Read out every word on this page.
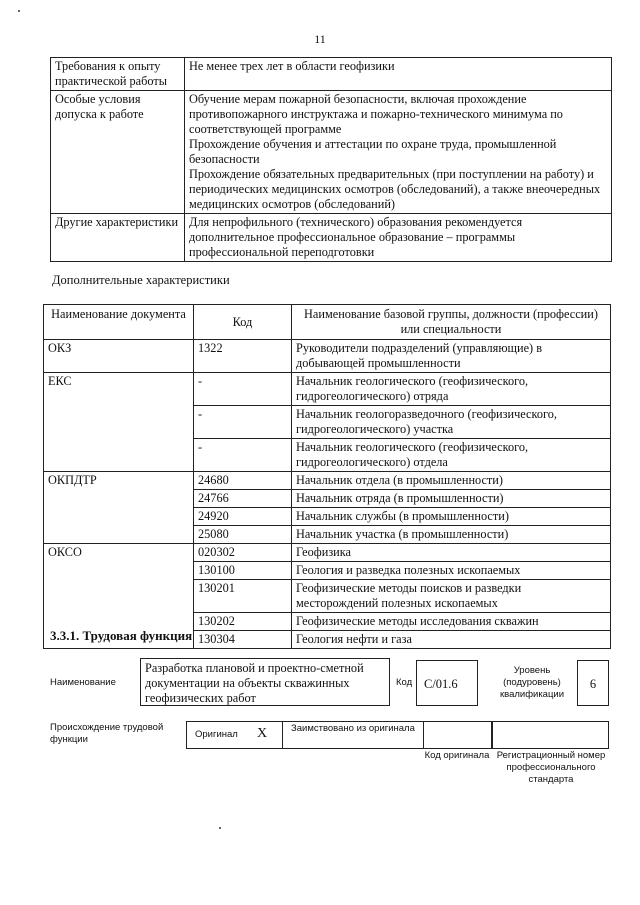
11
Требования к опыту практической работы	Не менее трех лет в области геофизики

Особые условия допуска к работе	Обучение мерам пожарной безопасности, включая прохождение противопожарного инструктажа и пожарно-технического минимума по соответствующей программе
Прохождение обучения и аттестации по охране труда, промышленной безопасности
Прохождение обязательных предварительных (при поступлении на работу) и периодических медицинских осмотров (обследований), а также внеочередных медицинских осмотров (обследований)

Другие характеристики	Для непрофильного (технического) образования рекомендуется дополнительное профессиональное образование – программы профессиональной переподготовки
Дополнительные характеристики
Наименование документа	Код	Наименование базовой группы, должности (профессии) или специальности
ОКЗ	1322	Руководители подразделений (управляющие) в добывающей промышленности
ЕКС	-	Начальник геологического (геофизического, гидрогеологического) отряда
	-	Начальник геологоразведочного (геофизического, гидрогеологического) участка
	-	Начальник геологического (геофизического, гидрогеологического) отдела
ОКПДТР	24680	Начальник отдела (в промышленности)
	24766	Начальник отряда (в промышленности)
	24920	Начальник службы (в промышленности)
	25080	Начальник участка (в промышленности)
ОКСО	020302	Геофизика
	130100	Геология и разведка полезных ископаемых
	130201	Геофизические методы поисков и разведки месторождений полезных ископаемых
	130202	Геофизические методы исследования скважин
	130304	Геология нефти и газа
3.3.1. Трудовая функция
Наименование
Разработка плановой и проектно-сметной документации на объекты скважинных геофизических работ
Код С/01.6
Уровень (подуровень) квалификации
6
Происхождение трудовой функции	Оригинал X	Заимствовано из оригинала
Код оригинала Регистрационный номер профессионального стандарта
